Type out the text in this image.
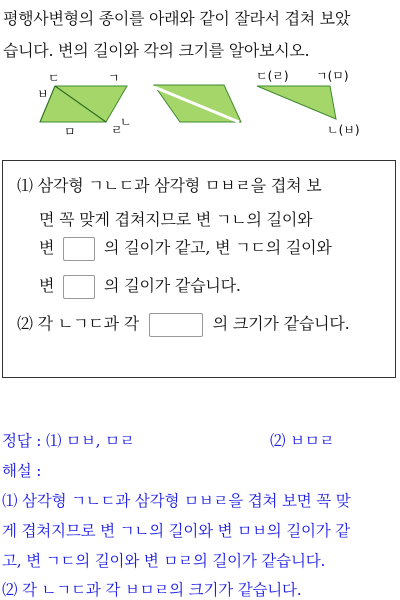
평행사변형의 종이를 아래와 같이 잘라서 겹쳐 보았
습니다. 변의 길이와 각의 크기를 알아보시오.
ㄷ	ㄱ
ㅂ
ㅁ	ㄹ
ㄴ
ㄷ(ㄹ) ㄱ(ㅁ)
ㄴ(ㅂ)
⑴ 삼각형 ㄱㄴㄷ과 삼각형 ㅁㅂㄹ을 겹쳐 보
면 꼭 맞게 겹쳐지므로 변 ㄱㄴ의 길이와
변	의 길이가 같고, 변 ㄱㄷ의 길이와
변	의 길이가 같습니다.
⑵ 각 ㄴㄱㄷ과 각	의 크기가 같습니다.
정답 : ⑴ ㅁㅂ, ㅁㄹ	⑵ ㅂㅁㄹ
해설 :
⑴ 삼각형 ㄱㄴㄷ과 삼각형 ㅁㅂㄹ을 겹쳐 보면 꼭 맞
게 겹쳐지므로 변 ㄱㄴ의 길이와 변 ㅁㅂ의 길이가 같
고, 변 ㄱㄷ의 길이와 변 ㅁㄹ의 길이가 같습니다.
⑵ 각 ㄴㄱㄷ과 각 ㅂㅁㄹ의 크기가 같습니다.
